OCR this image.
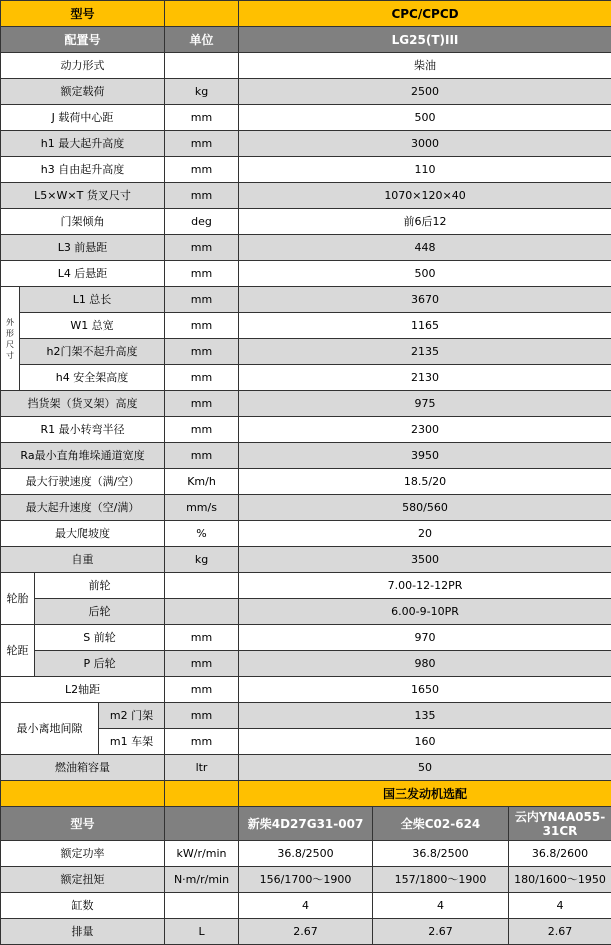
型号					CPC/CPCD		
配置号				单位	LG25(T)III		
动力形式					柴油		
额定载荷				kg	2500		
J 载荷中心距				mm	500		
h1 最大起升高度				mm	3000		
h3 自由起升高度				mm	110		
L5×W×T 货叉尺寸				mm	1070×120×40		
门架倾角				deg	前6后12		
L3 前悬距				mm	448		
L4 后悬距				mm	500		
外形尺寸	L1 总长			mm	3670		
	W1 总宽			mm	1165		
	h2门架不起升高度			mm	2135		
	h4 安全架高度			mm	2130		
挡货架（货叉架）高度				mm	975		
R1 最小转弯半径				mm	2300		
Ra最小直角堆垛通道宽度				mm	3950		
最大行驶速度（满/空）				Km/h	18.5/20		
最大起升速度（空/满）				mm/s	580/560		
最大爬坡度				%	20		
自重				kg	3500		
轮胎		前轮			7.00-12-12PR		
		后轮			6.00-9-10PR		
轮距		S 前轮		mm	970		
		P 后轮		mm	980		
L2轴距				mm	1650		
最小离地间隙			m2 门架	mm	135		
			m1 车架	mm	160		
燃油箱容量				ltr	50		
					国三发动机选配		
型号					新柴4D27G31-007	全柴C02-624	云内YN4A055-31CR
额定功率				kW/r/min	36.8/2500	36.8/2500	36.8/2600
额定扭矩				N·m/r/min	156/1700～1900	157/1800～1900	180/1600～1950
缸数					4	4	4
排量				L	2.67	2.67	2.67
